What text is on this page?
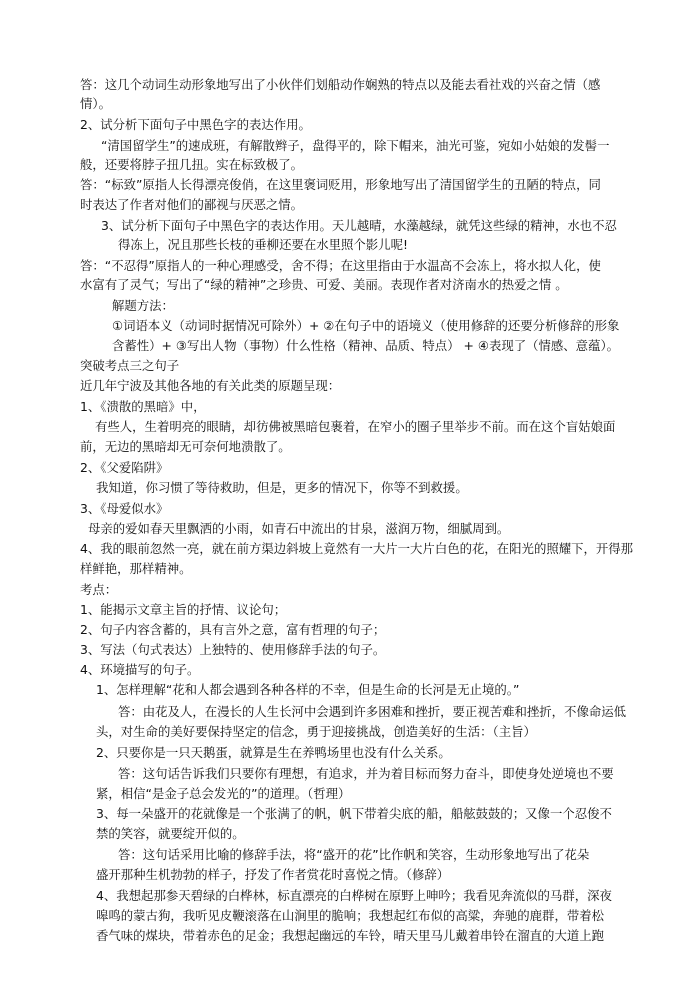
答：这几个动词生动形象地写出了小伙伴们划船动作娴熟的特点以及能去看社戏的兴奋之情（感
情）。
2、试分析下面句子中黑色字的表达作用。
“清国留学生”的速成班，有解散辫子，盘得平的，除下帽来，油光可鉴，宛如小姑娘的发髻一
般，还要将脖子扭几扭。实在标致极了。
答：“标致”原指人长得漂亮俊俏，在这里褒词贬用，形象地写出了清国留学生的丑陋的特点，同
时表达了作者对他们的鄙视与厌恶之情。
3、试分析下面句子中黑色字的表达作用。天儿越晴，水藻越绿，就凭这些绿的精神，水也不忍
得冻上，况且那些长枝的垂柳还要在水里照个影儿呢!
答：“不忍得”原指人的一种心理感受，舍不得；在这里指由于水温高不会冻上，将水拟人化，使
水富有了灵气；写出了“绿的精神”之珍贵、可爱、美丽。表现作者对济南水的热爱之情 。
解题方法：
①词语本义（动词时据情况可除外）+ ②在句子中的语境义（使用修辞的还要分析修辞的形象
含蓄性）+ ③写出人物（事物）什么性格（精神、品质、特点） + ④表现了（情感、意蕴）。
突破考点三之句子
近几年宁波及其他各地的有关此类的原题呈现：
1、《溃散的黑暗》中，
有些人，生着明亮的眼睛，却彷佛被黑暗包裹着，在窄小的圈子里举步不前。而在这个盲姑娘面
前，无边的黑暗却无可奈何地溃散了。
2、《父爱陷阱》
我知道，你习惯了等待救助，但是，更多的情况下，你等不到救援。
3、《母爱似水》
母亲的爱如春天里飘洒的小雨，如青石中流出的甘泉，滋润万物，细腻周到。
4、我的眼前忽然一亮，就在前方渠边斜坡上竟然有一大片一大片白色的花，在阳光的照耀下，开得那
样鲜艳，那样精神。
考点：
1、能揭示文章主旨的抒情、议论句；
2、句子内容含蓄的，具有言外之意，富有哲理的句子；
3、写法（句式表达）上独特的、使用修辞手法的句子。
4、环境描写的句子。
1、怎样理解“花和人都会遇到各种各样的不幸，但是生命的长河是无止境的。”
答：由花及人，在漫长的人生长河中会遇到许多困难和挫折，要正视苦难和挫折，不像命运低
头，对生命的美好要保持坚定的信念，勇于迎接挑战，创造美好的生活：（主旨）
2、只要你是一只天鹅蛋，就算是生在养鸭场里也没有什么关系。
答：这句话告诉我们只要你有理想，有追求，并为着目标而努力奋斗，即使身处逆境也不要
紧，相信“是金子总会发光的”的道理。（哲理）
3、每一朵盛开的花就像是一个张满了的帆，帆下带着尖底的船，船舷鼓鼓的；又像一个忍俊不
禁的笑容，就要绽开似的。
答：这句话采用比喻的修辞手法，将“盛开的花”比作帆和笑容，生动形象地写出了花朵
盛开那种生机勃勃的样子，抒发了作者赏花时喜悦之情。（修辞）
4、我想起那参天碧绿的白桦林，标直漂亮的白桦树在原野上呻吟；我看见奔流似的马群，深夜
嗥鸣的蒙古狗，我听见皮鞭滚落在山涧里的脆响；我想起红布似的高粱，奔驰的鹿群，带着松
香气味的煤块，带着赤色的足金；我想起幽远的车铃，晴天里马儿戴着串铃在溜直的大道上跑
